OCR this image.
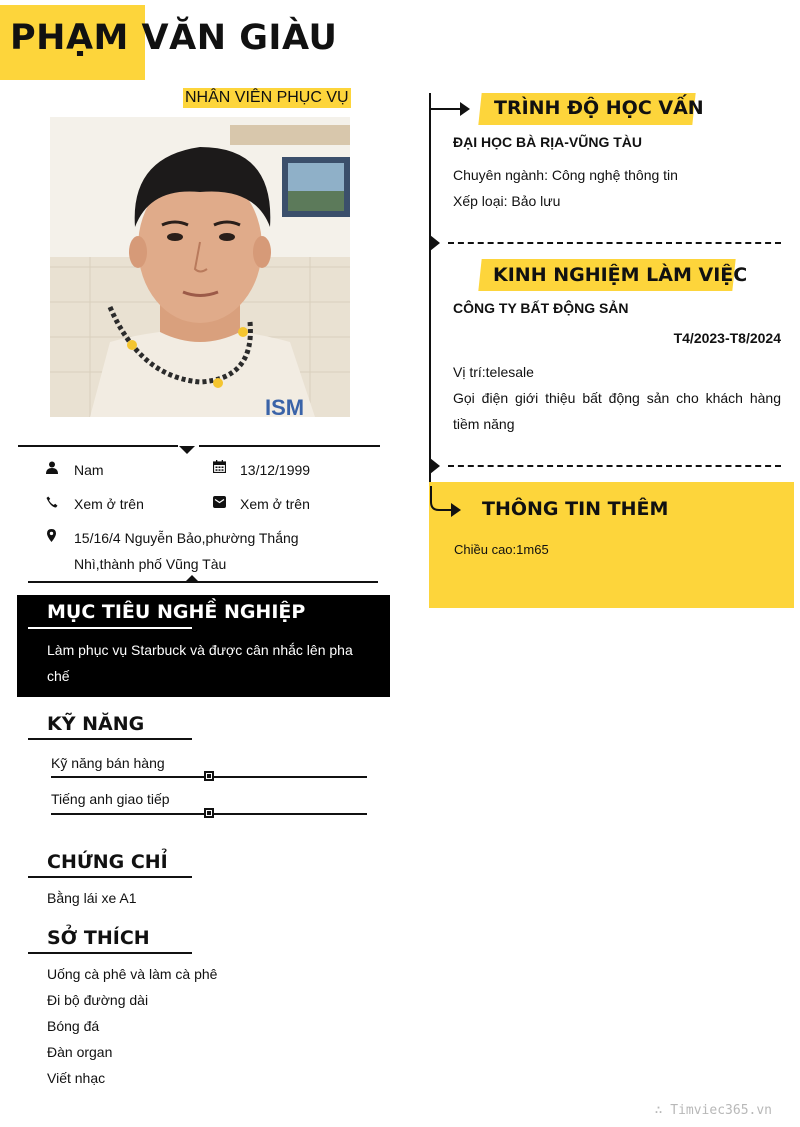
PHẠM VĂN GIÀU
NHÂN VIÊN PHỤC VỤ
ISM
Nam	13/12/1999
Xem ở trên	Xem ở trên
15/16/4 Nguyễn Bảo,phường Thắng
Nhì,thành phố Vũng Tàu
MỤC TIÊU NGHỀ NGHIỆP
Làm phục vụ Starbuck và được cân nhắc lên pha
chế
KỸ NĂNG
Kỹ năng bán hàng
Tiếng anh giao tiếp
CHỨNG CHỈ
Bằng lái xe A1
SỞ THÍCH
Uống cà phê và làm cà phê
Đi bộ đường dài
Bóng đá
Đàn organ
Viết nhạc
TRÌNH ĐỘ HỌC VẤN
ĐẠI HỌC BÀ RỊA-VŨNG TÀU
Chuyên ngành: Công nghệ thông tin
Xếp loại: Bảo lưu
KINH NGHIỆM LÀM VIỆC
CÔNG TY BẤT ĐỘNG SẢN
T4/2023-T8/2024
Vị trí:telesale
Gọi điện giới thiệu bất động sản cho khách hàng
tiềm năng
THÔNG TIN THÊM
Chiều cao:1m65
∴ Timviec365.vn
